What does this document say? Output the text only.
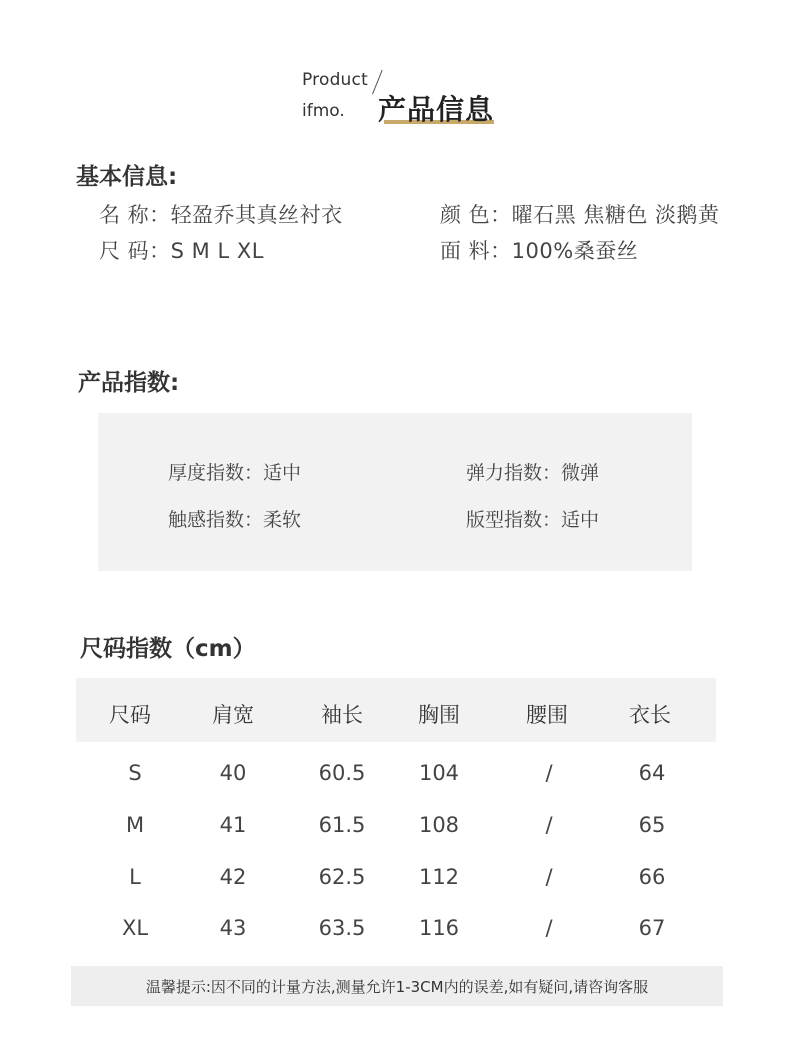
Product
ifmo. 产品信息
基本信息:
名 称：轻盈乔其真丝衬衣	颜 色：曜石黑 焦糖色 淡鹅黄
尺 码：S M L XL	面 料：100%桑蚕丝
产品指数:
厚度指数：适中	弹力指数：微弹
触感指数：柔软	版型指数：适中
尺码指数（cm）
尺码	肩宽	袖长	胸围	腰围	衣长
S	40	60.5	104	/	64
M	41	61.5	108	/	65
L	42	62.5	112	/	66
XL	43	63.5	116	/	67
温馨提示:因不同的计量方法,测量允许1-3CM内的误差,如有疑问,请咨询客服
